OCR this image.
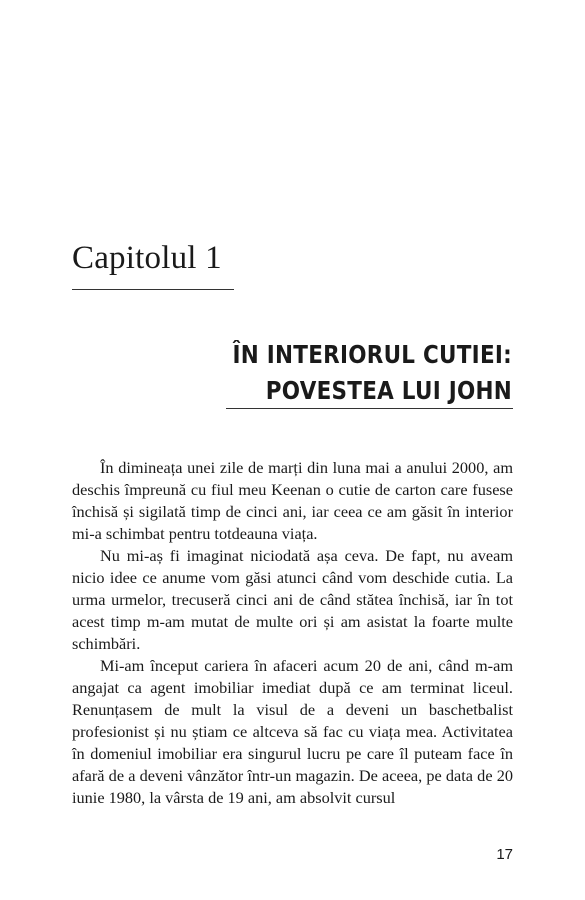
Capitolul 1
ÎN INTERIORUL CUTIEI:
POVESTEA LUI JOHN

În dimineața unei zile de marți din luna mai a anului 2000, am deschis împreună cu fiul meu Keenan o cutie de carton care fusese închisă și sigilată timp de cinci ani, iar ceea ce am găsit în interior mi-a schimbat pentru totdeauna viața.

Nu mi-aș fi imaginat niciodată așa ceva. De fapt, nu aveam nicio idee ce anume vom găsi atunci când vom deschide cutia. La urma urmelor, trecuseră cinci ani de când stătea închisă, iar în tot acest timp m-am mutat de multe ori și am asistat la foarte multe schimbări.

Mi-am început cariera în afaceri acum 20 de ani, când m-am angajat ca agent imobiliar imediat după ce am terminat liceul. Renunțasem de mult la visul de a deveni un baschetbalist profesionist și nu știam ce altceva să fac cu viața mea. Activitatea în domeniul imobiliar era singurul lucru pe care îl puteam face în afară de a deveni vânzător într-un magazin. De aceea, pe data de 20 iunie 1980, la vârsta de 19 ani, am absolvit cursul

17
